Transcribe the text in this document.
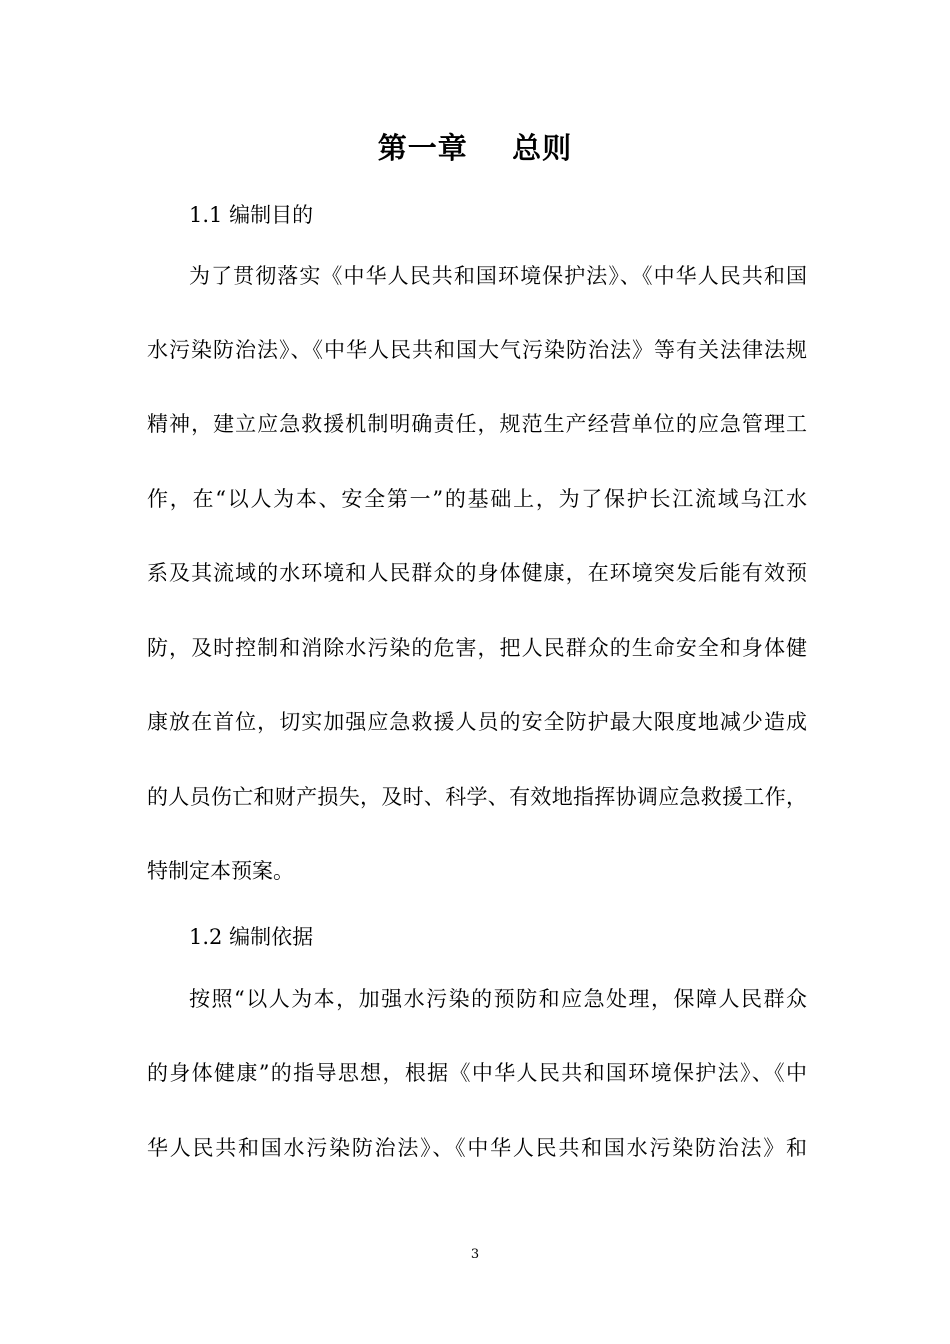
第一章    总则
1.1 编制目的
为了贯彻落实《中华人民共和国环境保护法》、《中华人民共和国
水污染防治法》、《中华人民共和国大气污染防治法》等有关法律法规
精神，建立应急救援机制明确责任，规范生产经营单位的应急管理工
作，在“以人为本、安全第一”的基础上，为了保护长江流域乌江水
系及其流域的水环境和人民群众的身体健康，在环境突发后能有效预
防，及时控制和消除水污染的危害，把人民群众的生命安全和身体健
康放在首位，切实加强应急救援人员的安全防护最大限度地减少造成
的人员伤亡和财产损失，及时、科学、有效地指挥协调应急救援工作，
特制定本预案。
1.2 编制依据
按照“以人为本，加强水污染的预防和应急处理，保障人民群众
的身体健康”的指导思想，根据《中华人民共和国环境保护法》、《中
华人民共和国水污染防治法》、《中华人民共和国水污染防治法》和
3
